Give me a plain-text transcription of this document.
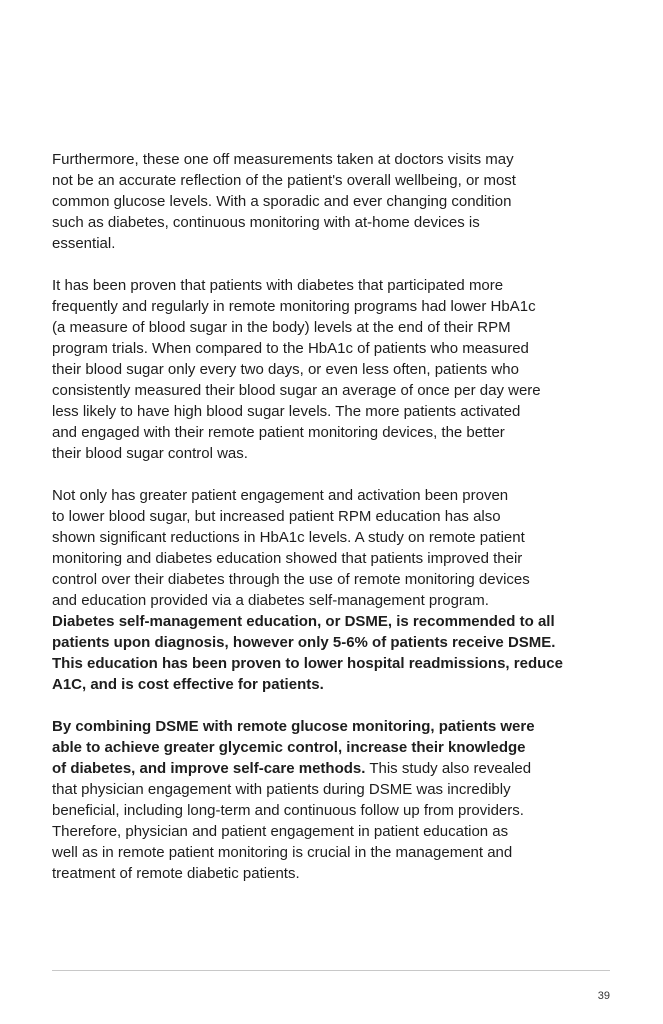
Furthermore, these one off measurements taken at doctors visits may
not be an accurate reflection of the patient's overall wellbeing, or most
common glucose levels. With a sporadic and ever changing condition
such as diabetes, continuous monitoring with at-home devices is
essential.

It has been proven that patients with diabetes that participated more
frequently and regularly in remote monitoring programs had lower HbA1c
(a measure of blood sugar in the body) levels at the end of their RPM
program trials. When compared to the HbA1c of patients who measured
their blood sugar only every two days, or even less often, patients who
consistently measured their blood sugar an average of once per day were
less likely to have high blood sugar levels. The more patients activated
and engaged with their remote patient monitoring devices, the better
their blood sugar control was.

Not only has greater patient engagement and activation been proven
to lower blood sugar, but increased patient RPM education has also
shown significant reductions in HbA1c levels. A study on remote patient
monitoring and diabetes education showed that patients improved their
control over their diabetes through the use of remote monitoring devices
and education provided via a diabetes self-management program.
Diabetes self-management education, or DSME, is recommended to all
patients upon diagnosis, however only 5-6% of patients receive DSME.
This education has been proven to lower hospital readmissions, reduce
A1C, and is cost effective for patients.

By combining DSME with remote glucose monitoring, patients were
able to achieve greater glycemic control, increase their knowledge
of diabetes, and improve self-care methods. This study also revealed
that physician engagement with patients during DSME was incredibly
beneficial, including long-term and continuous follow up from providers.
Therefore, physician and patient engagement in patient education as
well as in remote patient monitoring is crucial in the management and
treatment of remote diabetic patients.

39
